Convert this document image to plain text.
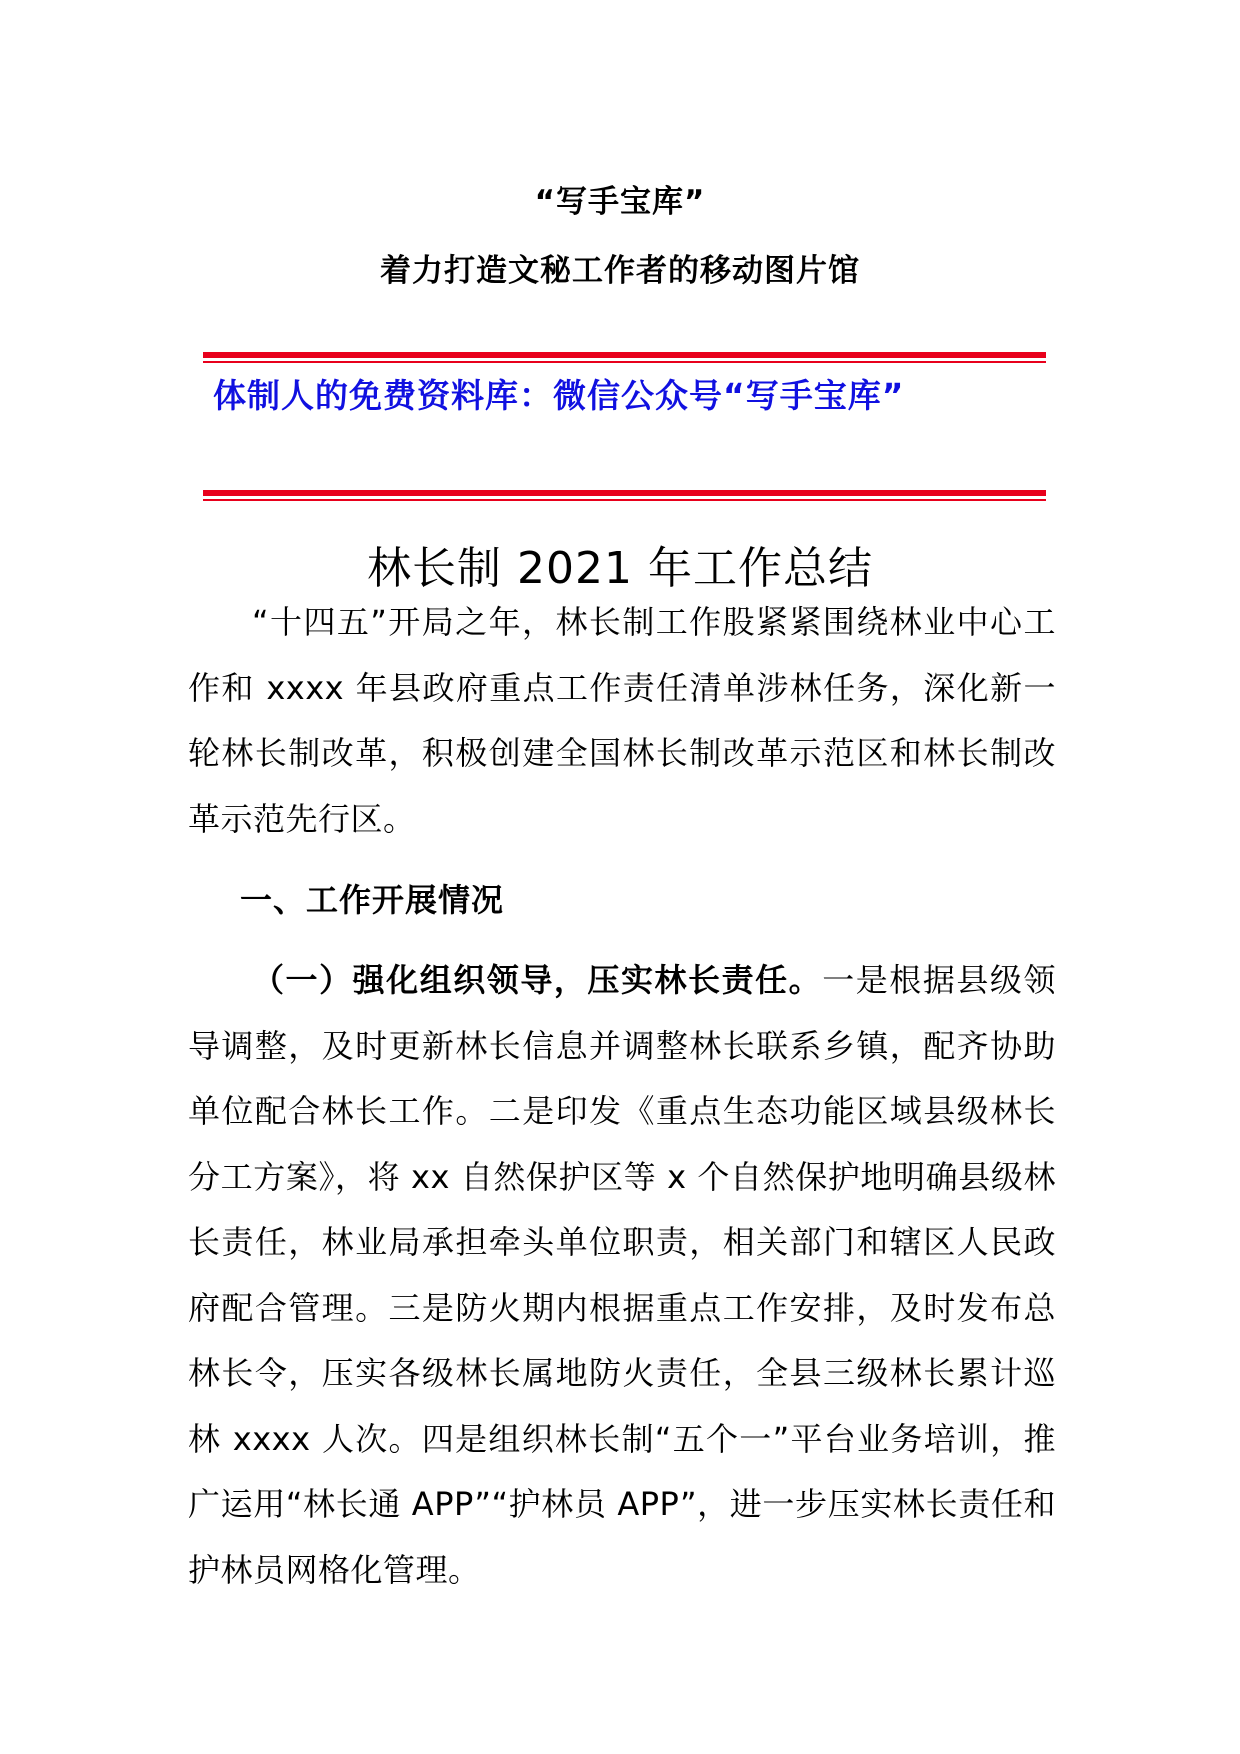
“写手宝库”
着力打造文秘工作者的移动图片馆
体制人的免费资料库：微信公众号“写手宝库”
林长制 2021 年工作总结
“十四五”开局之年，林长制工作股紧紧围绕林业中心工作和 xxxx 年县政府重点工作责任清单涉林任务，深化新一轮林长制改革，积极创建全国林长制改革示范区和林长制改革示范先行区。
一、工作开展情况
（一）强化组织领导，压实林长责任。一是根据县级领导调整，及时更新林长信息并调整林长联系乡镇，配齐协助单位配合林长工作。二是印发《重点生态功能区域县级林长分工方案》，将 xx 自然保护区等 x 个自然保护地明确县级林长责任，林业局承担牵头单位职责，相关部门和辖区人民政府配合管理。三是防火期内根据重点工作安排，及时发布总林长令，压实各级林长属地防火责任，全县三级林长累计巡林 xxxx 人次。四是组织林长制“五个一”平台业务培训，推广运用“林长通 APP”“护林员 APP”，进一步压实林长责任和护林员网格化管理。
